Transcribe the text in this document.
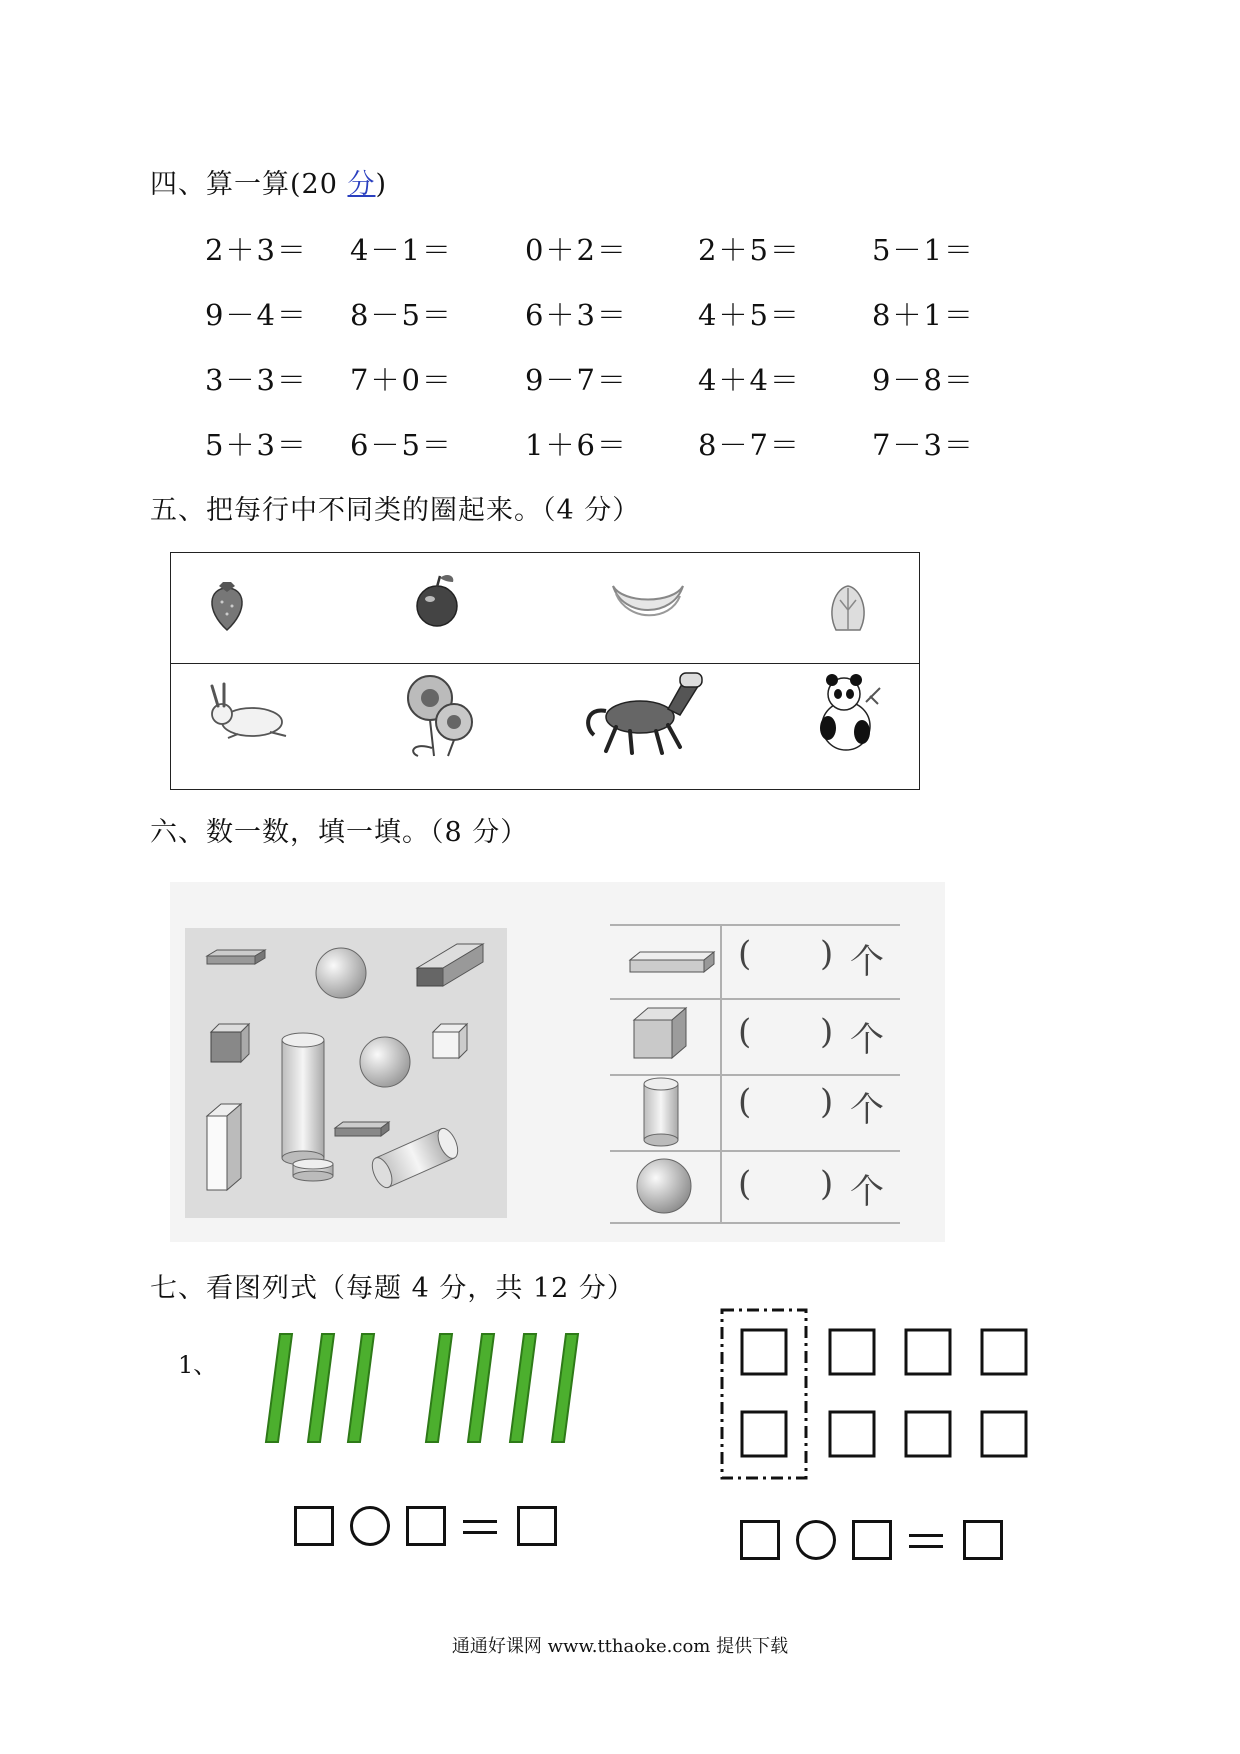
四、算一算(20 分)
2＋3＝ 4－1＝ 0＋2＝ 2＋5＝ 5－1＝
9－4＝ 8－5＝ 6＋3＝ 4＋5＝ 8＋1＝
3－3＝ 7＋0＝ 9－7＝ 4＋4＝ 9－8＝
5＋3＝ 6－5＝ 1＋6＝ 8－7＝ 7－3＝
五、把每行中不同类的圈起来。（4 分）
六、数一数，填一填。（8 分）
( ) 个
( ) 个
( ) 个
( ) 个
七、看图列式（每题 4 分，共 12 分）
1、
通通好课网 www.tthaoke.com 提供下载
